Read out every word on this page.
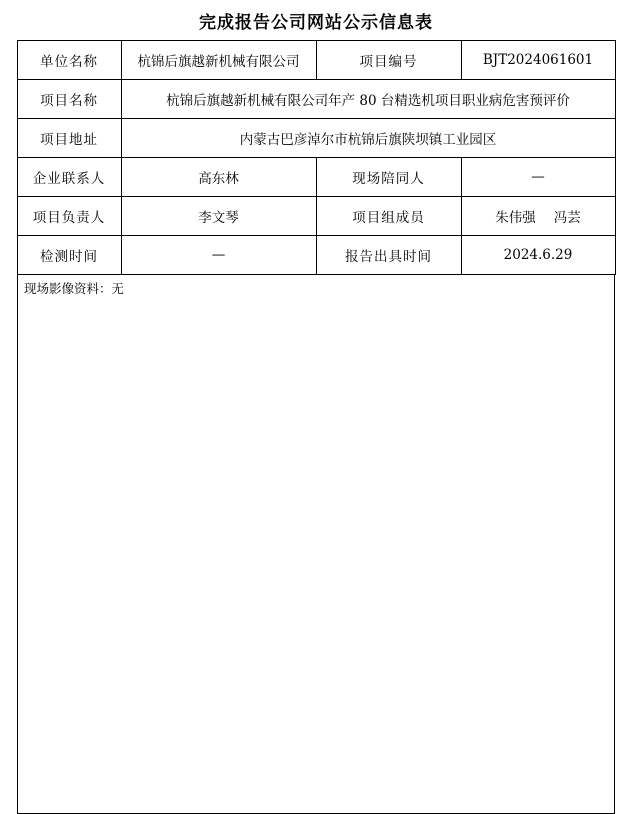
完成报告公司网站公示信息表
单位名称	杭锦后旗越新机械有限公司	项目编号	BJT2024061601
项目名称	杭锦后旗越新机械有限公司年产 80 台精选机项目职业病危害预评价		
项目地址	内蒙古巴彦淖尔市杭锦后旗陕坝镇工业园区		
企业联系人	高东林	现场陪同人	—
项目负责人	李文琴	项目组成员	朱伟强 冯芸
检测时间	—	报告出具时间	2024.6.29
现场影像资料：无
